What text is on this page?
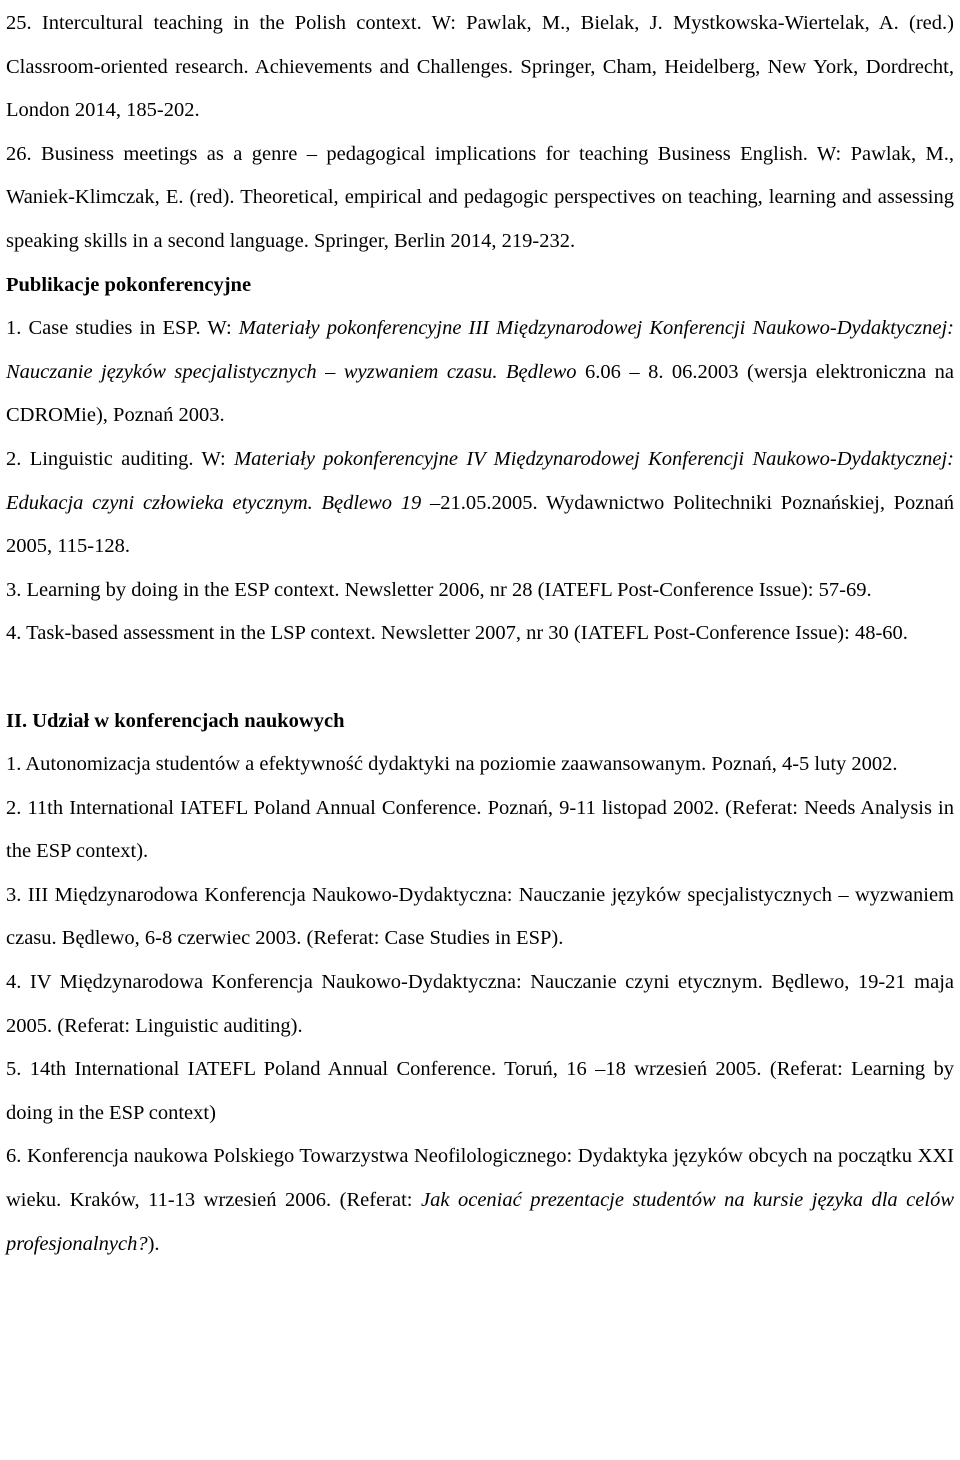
25. Intercultural teaching in the Polish context. W: Pawlak, M., Bielak, J. Mystkowska-Wiertelak, A. (red.) Classroom-oriented research. Achievements and Challenges. Springer, Cham, Heidelberg, New York, Dordrecht, London 2014, 185-202.

26. Business meetings as a genre – pedagogical implications for teaching Business English. W: Pawlak, M., Waniek-Klimczak, E. (red). Theoretical, empirical and pedagogic perspectives on teaching, learning and assessing speaking skills in a second language. Springer, Berlin 2014, 219-232.

Publikacje pokonferencyjne

1. Case studies in ESP. W: Materiały pokonferencyjne III Międzynarodowej Konferencji Naukowo-Dydaktycznej: Nauczanie języków specjalistycznych – wyzwaniem czasu. Będlewo 6.06 – 8. 06.2003 (wersja elektroniczna na CDROMie), Poznań 2003.

2. Linguistic auditing. W: Materiały pokonferencyjne IV Międzynarodowej Konferencji Naukowo-Dydaktycznej: Edukacja czyni człowieka etycznym. Będlewo 19 –21.05.2005. Wydawnictwo Politechniki Poznańskiej, Poznań 2005, 115-128.

3. Learning by doing in the ESP context. Newsletter 2006, nr 28 (IATEFL Post-Conference Issue): 57-69.

4. Task-based assessment in the LSP context. Newsletter 2007, nr 30 (IATEFL Post-Conference Issue): 48-60.

II. Udział w konferencjach naukowych

1. Autonomizacja studentów a efektywność dydaktyki na poziomie zaawansowanym. Poznań, 4-5 luty 2002.

2. 11th International IATEFL Poland Annual Conference. Poznań, 9-11 listopad 2002. (Referat: Needs Analysis in the ESP context).

3. III Międzynarodowa Konferencja Naukowo-Dydaktyczna: Nauczanie języków specjalistycznych – wyzwaniem czasu. Będlewo, 6-8 czerwiec 2003. (Referat: Case Studies in ESP).

4. IV Międzynarodowa Konferencja Naukowo-Dydaktyczna: Nauczanie czyni etycznym. Będlewo, 19-21 maja 2005. (Referat: Linguistic auditing).

5. 14th International IATEFL Poland Annual Conference. Toruń, 16 –18 wrzesień 2005. (Referat: Learning by doing in the ESP context)

6. Konferencja naukowa Polskiego Towarzystwa Neofilologicznego: Dydaktyka języków obcych na początku XXI wieku. Kraków, 11-13 wrzesień 2006. (Referat: Jak oceniać prezentacje studentów na kursie języka dla celów profesjonalnych?).
